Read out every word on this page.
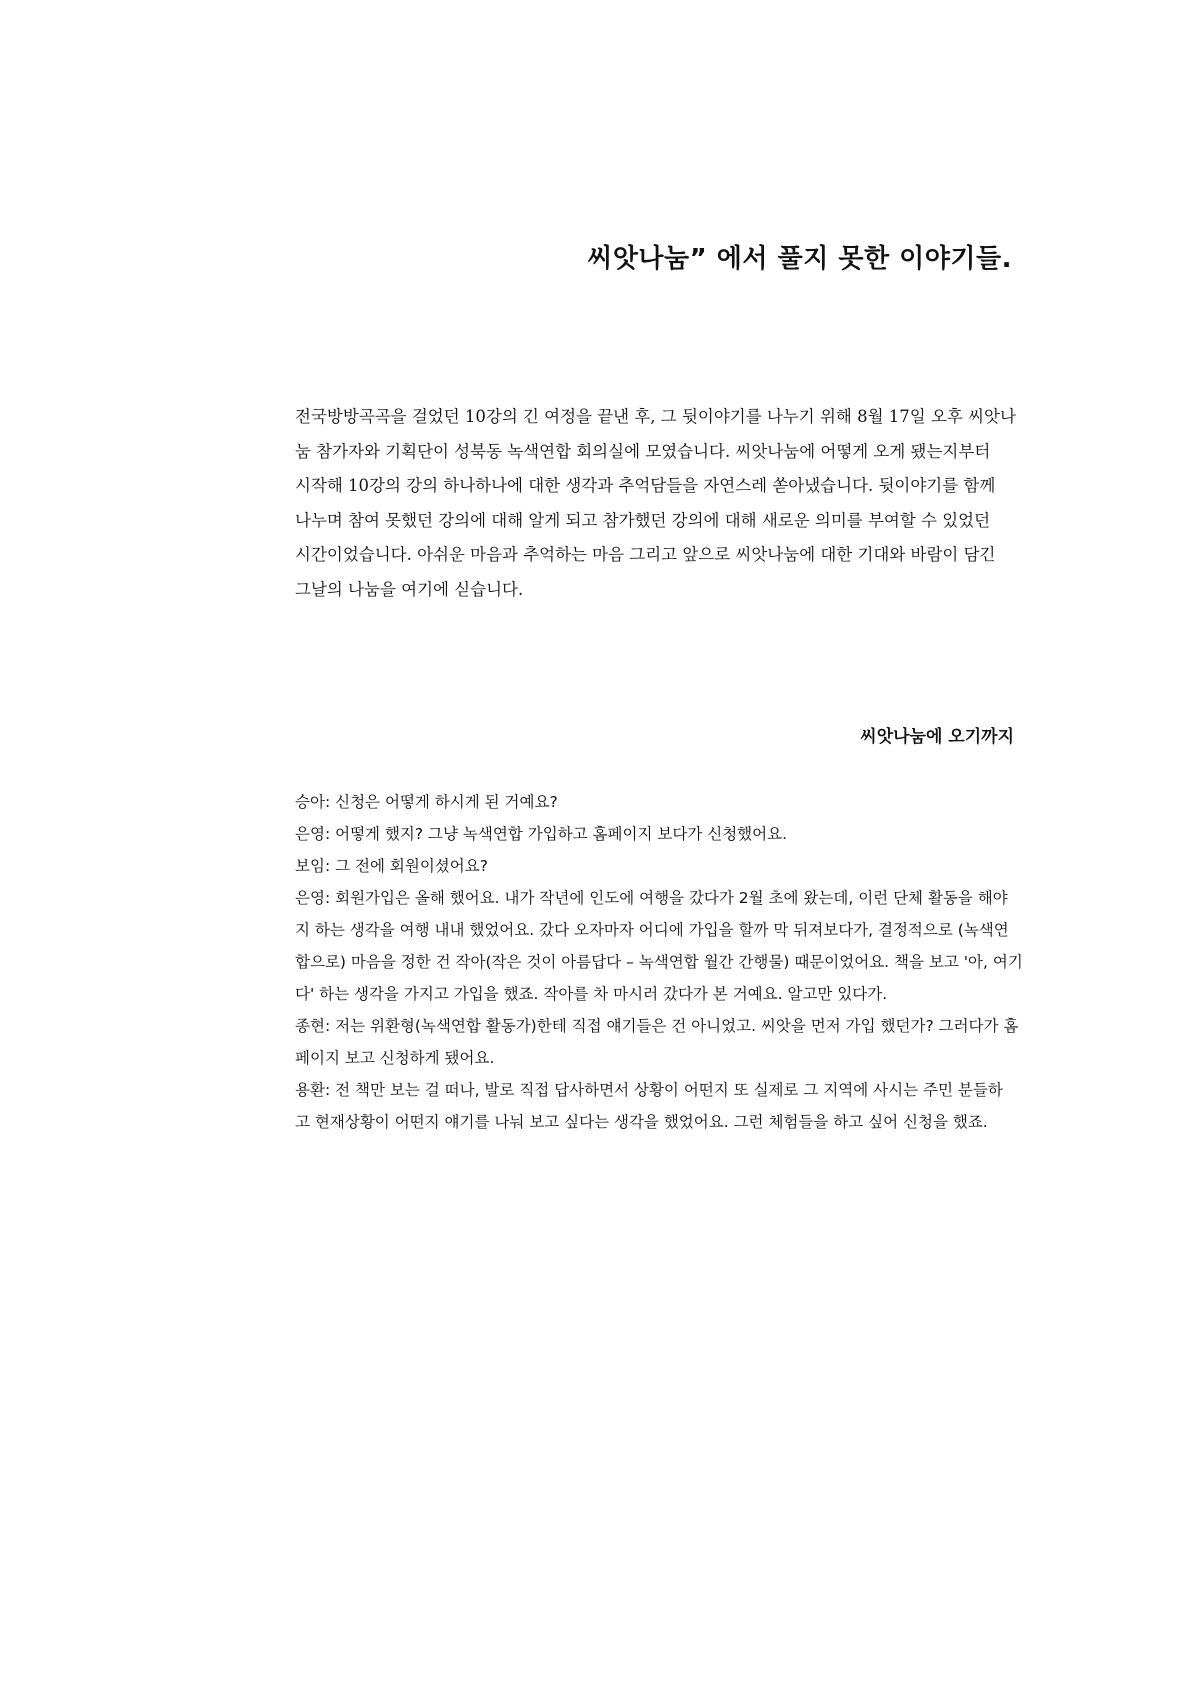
씨앗나눔” 에서 풀지 못한 이야기들.
전국방방곡곡을 걸었던 10강의 긴 여정을 끝낸 후, 그 뒷이야기를 나누기 위해 8월 17일 오후 씨앗나
눔 참가자와 기획단이 성북동 녹색연합 회의실에 모였습니다. 씨앗나눔에 어떻게 오게 됐는지부터
시작해 10강의 강의 하나하나에 대한 생각과 추억담들을 자연스레 쏟아냈습니다. 뒷이야기를 함께
나누며 참여 못했던 강의에 대해 알게 되고 참가했던 강의에 대해 새로운 의미를 부여할 수 있었던
시간이었습니다. 아쉬운 마음과 추억하는 마음 그리고 앞으로 씨앗나눔에 대한 기대와 바람이 담긴
그날의 나눔을 여기에 싣습니다.
씨앗나눔에 오기까지
승아: 신청은 어떻게 하시게 된 거예요?
은영: 어떻게 했지? 그냥 녹색연합 가입하고 홈페이지 보다가 신청했어요.
보임: 그 전에 회원이셨어요?
은영: 회원가입은 올해 했어요. 내가 작년에 인도에 여행을 갔다가 2월 초에 왔는데, 이런 단체 활동을 해야
지 하는 생각을 여행 내내 했었어요. 갔다 오자마자 어디에 가입을 할까 막 뒤져보다가, 결정적으로 (녹색연
합으로) 마음을 정한 건 작아(작은 것이 아름답다 – 녹색연합 월간 간행물) 때문이었어요. 책을 보고 '아, 여기
다' 하는 생각을 가지고 가입을 했죠. 작아를 차 마시러 갔다가 본 거예요. 알고만 있다가.
종현: 저는 위환형(녹색연합 활동가)한테 직접 얘기들은 건 아니었고. 씨앗을 먼저 가입 했던가? 그러다가 홈
페이지 보고 신청하게 됐어요.
용환: 전 책만 보는 걸 떠나, 발로 직접 답사하면서 상황이 어떤지 또 실제로 그 지역에 사시는 주민 분들하
고 현재상황이 어떤지 얘기를 나눠 보고 싶다는 생각을 했었어요. 그런 체험들을 하고 싶어 신청을 했죠.
